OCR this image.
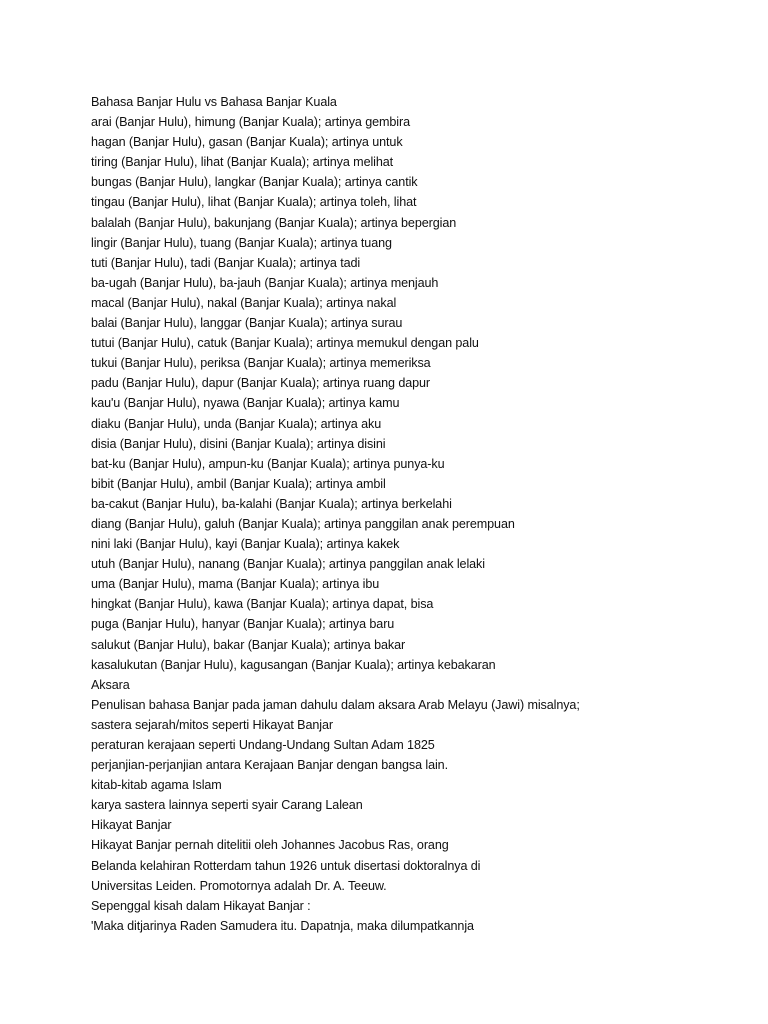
Bahasa Banjar Hulu vs Bahasa Banjar Kuala
arai (Banjar Hulu), himung (Banjar Kuala); artinya gembira
hagan (Banjar Hulu), gasan (Banjar Kuala); artinya untuk
tiring (Banjar Hulu), lihat (Banjar Kuala); artinya melihat
bungas (Banjar Hulu), langkar (Banjar Kuala); artinya cantik
tingau (Banjar Hulu), lihat (Banjar Kuala); artinya toleh, lihat
balalah (Banjar Hulu), bakunjang (Banjar Kuala); artinya bepergian
lingir (Banjar Hulu), tuang (Banjar Kuala); artinya tuang
tuti (Banjar Hulu), tadi (Banjar Kuala); artinya tadi
ba-ugah (Banjar Hulu), ba-jauh (Banjar Kuala); artinya menjauh
macal (Banjar Hulu), nakal (Banjar Kuala); artinya nakal
balai (Banjar Hulu), langgar (Banjar Kuala); artinya surau
tutui (Banjar Hulu), catuk (Banjar Kuala); artinya memukul dengan palu
tukui (Banjar Hulu), periksa (Banjar Kuala); artinya memeriksa
padu (Banjar Hulu), dapur (Banjar Kuala); artinya ruang dapur
kau'u (Banjar Hulu), nyawa (Banjar Kuala); artinya kamu
diaku (Banjar Hulu), unda (Banjar Kuala); artinya aku
disia (Banjar Hulu), disini (Banjar Kuala); artinya disini
bat-ku (Banjar Hulu), ampun-ku (Banjar Kuala); artinya punya-ku
bibit (Banjar Hulu), ambil (Banjar Kuala); artinya ambil
ba-cakut (Banjar Hulu), ba-kalahi (Banjar Kuala); artinya berkelahi
diang (Banjar Hulu), galuh (Banjar Kuala); artinya panggilan anak perempuan
nini laki (Banjar Hulu), kayi (Banjar Kuala); artinya kakek
utuh (Banjar Hulu), nanang (Banjar Kuala); artinya panggilan anak lelaki
uma (Banjar Hulu), mama (Banjar Kuala); artinya ibu
hingkat (Banjar Hulu), kawa (Banjar Kuala); artinya dapat, bisa
puga (Banjar Hulu), hanyar (Banjar Kuala); artinya baru
salukut (Banjar Hulu), bakar (Banjar Kuala); artinya bakar
kasalukutan (Banjar Hulu), kagusangan (Banjar Kuala); artinya kebakaran
Aksara
Penulisan bahasa Banjar pada jaman dahulu dalam aksara Arab Melayu (Jawi) misalnya;
sastera sejarah/mitos seperti Hikayat Banjar
peraturan kerajaan seperti Undang-Undang Sultan Adam 1825
perjanjian-perjanjian antara Kerajaan Banjar dengan bangsa lain.
kitab-kitab agama Islam
karya sastera lainnya seperti syair Carang Lalean
Hikayat Banjar
Hikayat Banjar pernah ditelitii oleh Johannes Jacobus Ras, orang
Belanda kelahiran Rotterdam tahun 1926 untuk disertasi doktoralnya di
Universitas Leiden. Promotornya adalah Dr. A. Teeuw.
Sepenggal kisah dalam Hikayat Banjar :
'Maka ditjarinya Raden Samudera itu. Dapatnja, maka dilumpatkannja
